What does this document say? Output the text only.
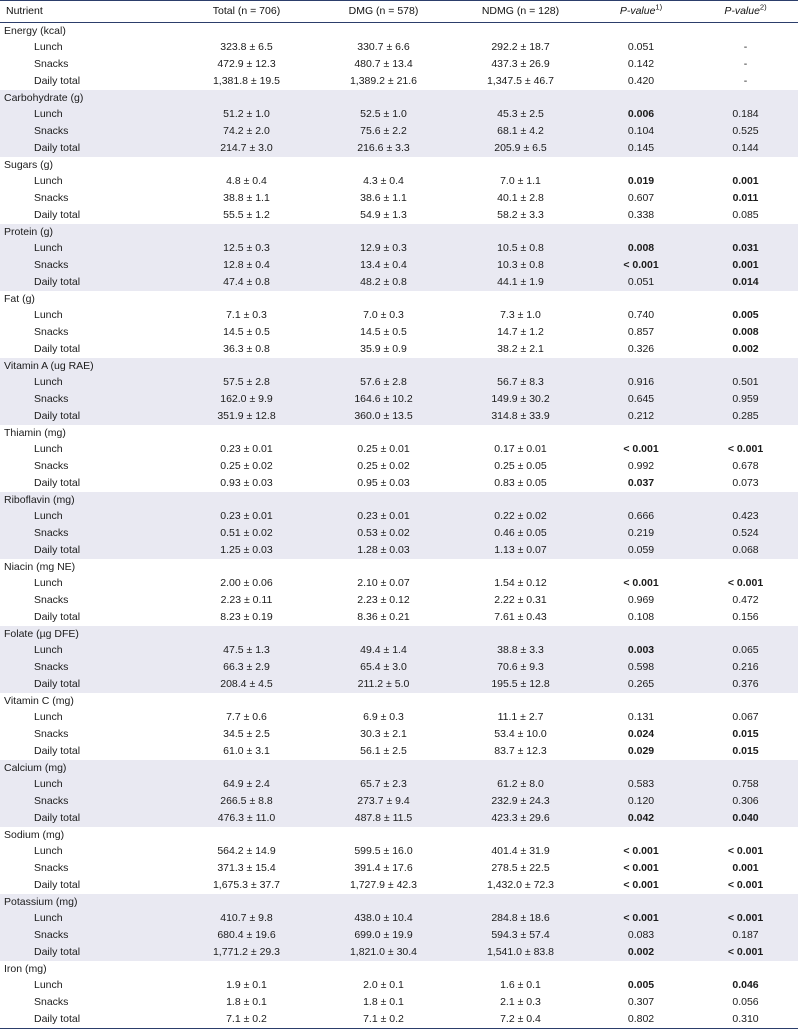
Nutrient	Total (n = 706)	DMG (n = 578)	NDMG (n = 128)	P-value$^{1)}$	P-value$^{2)}$
Energy (kcal)					
Lunch	323.8 ± 6.5	330.7 ± 6.6	292.2 ± 18.7	0.051	-
Snacks	472.9 ± 12.3	480.7 ± 13.4	437.3 ± 26.9	0.142	-
Daily total	1,381.8 ± 19.5	1,389.2 ± 21.6	1,347.5 ± 46.7	0.420	-
Carbohydrate (g)					
Lunch	51.2 ± 1.0	52.5 ± 1.0	45.3 ± 2.5	0.006	0.184
Snacks	74.2 ± 2.0	75.6 ± 2.2	68.1 ± 4.2	0.104	0.525
Daily total	214.7 ± 3.0	216.6 ± 3.3	205.9 ± 6.5	0.145	0.144
Sugars (g)					
Lunch	4.8 ± 0.4	4.3 ± 0.4	7.0 ± 1.1	0.019	0.001
Snacks	38.8 ± 1.1	38.6 ± 1.1	40.1 ± 2.8	0.607	0.011
Daily total	55.5 ± 1.2	54.9 ± 1.3	58.2 ± 3.3	0.338	0.085
Protein (g)					
Lunch	12.5 ± 0.3	12.9 ± 0.3	10.5 ± 0.8	0.008	0.031
Snacks	12.8 ± 0.4	13.4 ± 0.4	10.3 ± 0.8	< 0.001	0.001
Daily total	47.4 ± 0.8	48.2 ± 0.8	44.1 ± 1.9	0.051	0.014
Fat (g)					
Lunch	7.1 ± 0.3	7.0 ± 0.3	7.3 ± 1.0	0.740	0.005
Snacks	14.5 ± 0.5	14.5 ± 0.5	14.7 ± 1.2	0.857	0.008
Daily total	36.3 ± 0.8	35.9 ± 0.9	38.2 ± 2.1	0.326	0.002
Vitamin A (ug RAE)					
Lunch	57.5 ± 2.8	57.6 ± 2.8	56.7 ± 8.3	0.916	0.501
Snacks	162.0 ± 9.9	164.6 ± 10.2	149.9 ± 30.2	0.645	0.959
Daily total	351.9 ± 12.8	360.0 ± 13.5	314.8 ± 33.9	0.212	0.285
Thiamin (mg)					
Lunch	0.23 ± 0.01	0.25 ± 0.01	0.17 ± 0.01	< 0.001	< 0.001
Snacks	0.25 ± 0.02	0.25 ± 0.02	0.25 ± 0.05	0.992	0.678
Daily total	0.93 ± 0.03	0.95 ± 0.03	0.83 ± 0.05	0.037	0.073
Riboflavin (mg)					
Lunch	0.23 ± 0.01	0.23 ± 0.01	0.22 ± 0.02	0.666	0.423
Snacks	0.51 ± 0.02	0.53 ± 0.02	0.46 ± 0.05	0.219	0.524
Daily total	1.25 ± 0.03	1.28 ± 0.03	1.13 ± 0.07	0.059	0.068
Niacin (mg NE)					
Lunch	2.00 ± 0.06	2.10 ± 0.07	1.54 ± 0.12	< 0.001	< 0.001
Snacks	2.23 ± 0.11	2.23 ± 0.12	2.22 ± 0.31	0.969	0.472
Daily total	8.23 ± 0.19	8.36 ± 0.21	7.61 ± 0.43	0.108	0.156
Folate (µg DFE)					
Lunch	47.5 ± 1.3	49.4 ± 1.4	38.8 ± 3.3	0.003	0.065
Snacks	66.3 ± 2.9	65.4 ± 3.0	70.6 ± 9.3	0.598	0.216
Daily total	208.4 ± 4.5	211.2 ± 5.0	195.5 ± 12.8	0.265	0.376
Vitamin C (mg)					
Lunch	7.7 ± 0.6	6.9 ± 0.3	11.1 ± 2.7	0.131	0.067
Snacks	34.5 ± 2.5	30.3 ± 2.1	53.4 ± 10.0	0.024	0.015
Daily total	61.0 ± 3.1	56.1 ± 2.5	83.7 ± 12.3	0.029	0.015
Calcium (mg)					
Lunch	64.9 ± 2.4	65.7 ± 2.3	61.2 ± 8.0	0.583	0.758
Snacks	266.5 ± 8.8	273.7 ± 9.4	232.9 ± 24.3	0.120	0.306
Daily total	476.3 ± 11.0	487.8 ± 11.5	423.3 ± 29.6	0.042	0.040
Sodium (mg)					
Lunch	564.2 ± 14.9	599.5 ± 16.0	401.4 ± 31.9	< 0.001	< 0.001
Snacks	371.3 ± 15.4	391.4 ± 17.6	278.5 ± 22.5	< 0.001	0.001
Daily total	1,675.3 ± 37.7	1,727.9 ± 42.3	1,432.0 ± 72.3	< 0.001	< 0.001
Potassium (mg)					
Lunch	410.7 ± 9.8	438.0 ± 10.4	284.8 ± 18.6	< 0.001	< 0.001
Snacks	680.4 ± 19.6	699.0 ± 19.9	594.3 ± 57.4	0.083	0.187
Daily total	1,771.2 ± 29.3	1,821.0 ± 30.4	1,541.0 ± 83.8	0.002	< 0.001
Iron (mg)					
Lunch	1.9 ± 0.1	2.0 ± 0.1	1.6 ± 0.1	0.005	0.046
Snacks	1.8 ± 0.1	1.8 ± 0.1	2.1 ± 0.3	0.307	0.056
Daily total	7.1 ± 0.2	7.1 ± 0.2	7.2 ± 0.4	0.802	0.310
